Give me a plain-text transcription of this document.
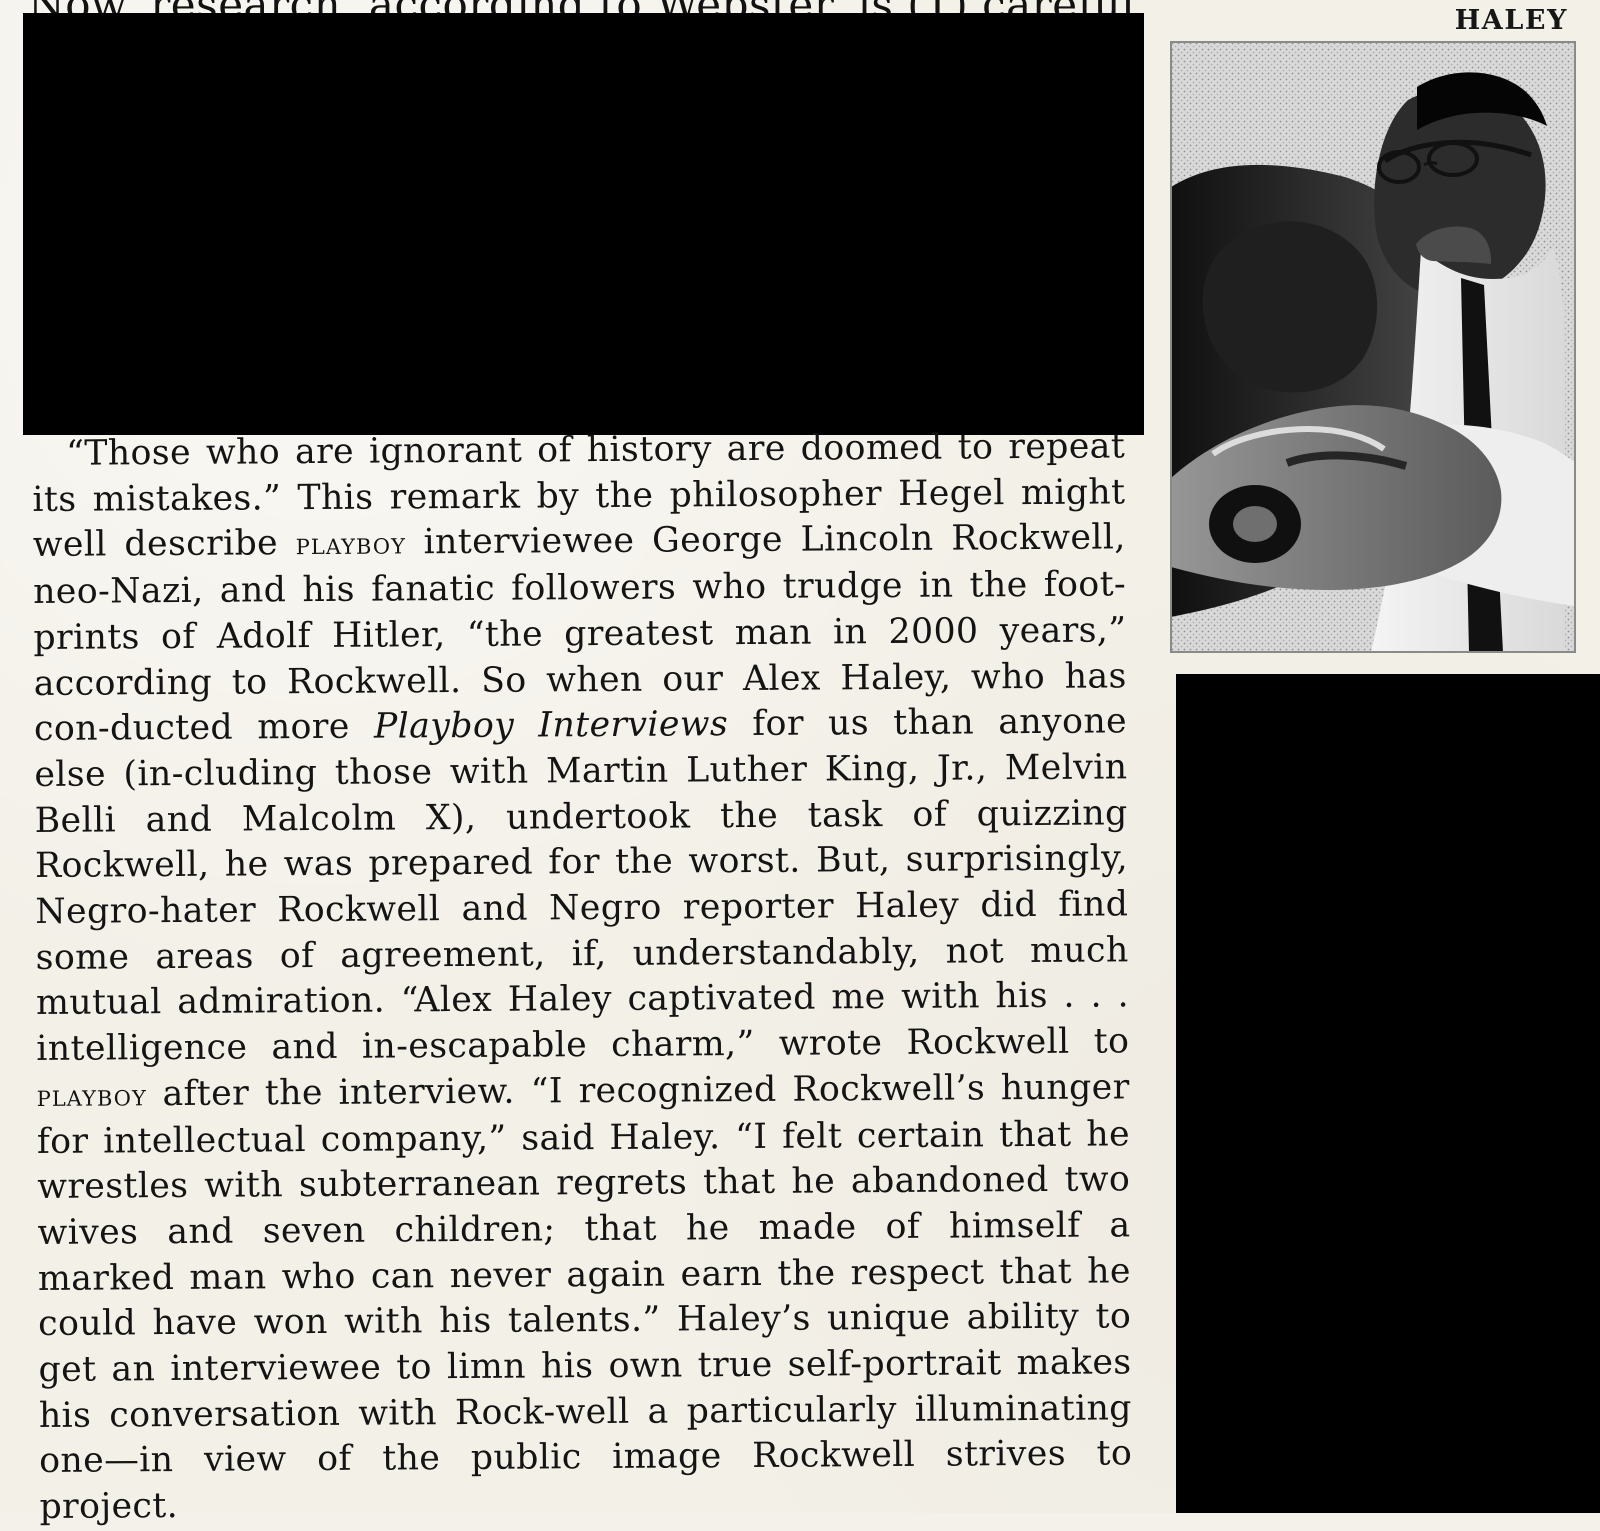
HALEY

“Those who are ignorant of history are doomed to repeat its mistakes.” This remark by the philosopher Hegel might well describe playboy interviewee George Lincoln Rockwell, neo-Nazi, and his fanatic followers who trudge in the foot-prints of Adolf Hitler, “the greatest man in 2000 years,” according to Rockwell. So when our Alex Haley, who has con-ducted more Playboy Interviews for us than anyone else (in-cluding those with Martin Luther King, Jr., Melvin Belli and Malcolm X), undertook the task of quizzing Rockwell, he was prepared for the worst. But, surprisingly, Negro-hater Rockwell and Negro reporter Haley did find some areas of agreement, if, understandably, not much mutual admiration. “Alex Haley captivated me with his . . . intelligence and in-escapable charm,” wrote Rockwell to playboy after the interview. “I recognized Rockwell’s hunger for intellectual company,” said Haley. “I felt certain that he wrestles with subterranean regrets that he abandoned two wives and seven children; that he made of himself a marked man who can never again earn the respect that he could have won with his talents.” Haley’s unique ability to get an interviewee to limn his own true self-portrait makes his conversation with Rock-well a particularly illuminating one—in view of the public image Rockwell strives to project.
